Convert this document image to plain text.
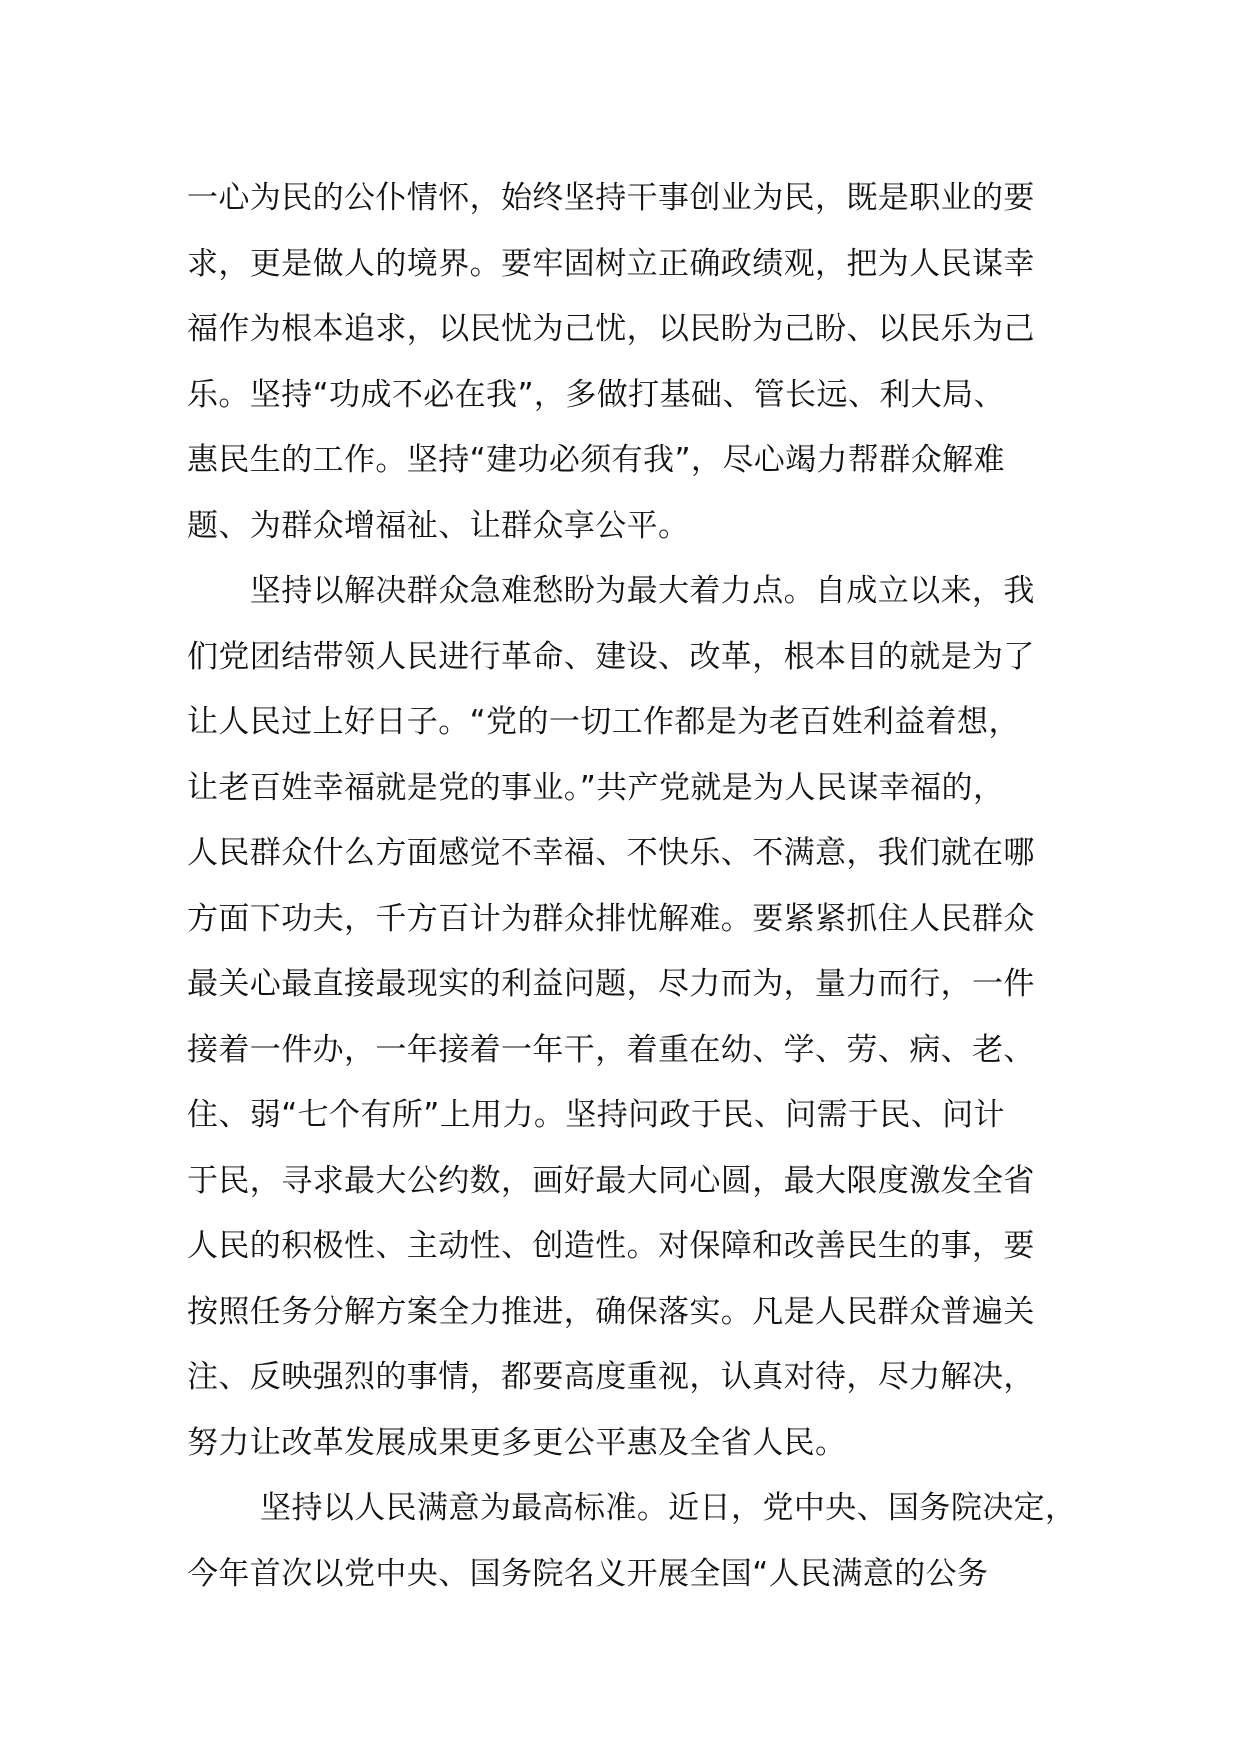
一心为民的公仆情怀，始终坚持干事创业为民，既是职业的要
求，更是做人的境界。要牢固树立正确政绩观，把为人民谋幸
福作为根本追求，以民忧为己忧，以民盼为己盼、以民乐为己
乐。坚持“功成不必在我”，多做打基础、管长远、利大局、
惠民生的工作。坚持“建功必须有我”，尽心竭力帮群众解难
题、为群众增福祉、让群众享公平。
　　坚持以解决群众急难愁盼为最大着力点。自成立以来，我
们党团结带领人民进行革命、建设、改革，根本目的就是为了
让人民过上好日子。“党的一切工作都是为老百姓利益着想，
让老百姓幸福就是党的事业。”共产党就是为人民谋幸福的，
人民群众什么方面感觉不幸福、不快乐、不满意，我们就在哪
方面下功夫，千方百计为群众排忧解难。要紧紧抓住人民群众
最关心最直接最现实的利益问题，尽力而为，量力而行，一件
接着一件办，一年接着一年干，着重在幼、学、劳、病、老、
住、弱“七个有所”上用力。坚持问政于民、问需于民、问计
于民，寻求最大公约数，画好最大同心圆，最大限度激发全省
人民的积极性、主动性、创造性。对保障和改善民生的事，要
按照任务分解方案全力推进，确保落实。凡是人民群众普遍关
注、反映强烈的事情，都要高度重视，认真对待，尽力解决，
努力让改革发展成果更多更公平惠及全省人民。
　　 坚持以人民满意为最高标准。近日，党中央、国务院决定，
今年首次以党中央、国务院名义开展全国“人民满意的公务
